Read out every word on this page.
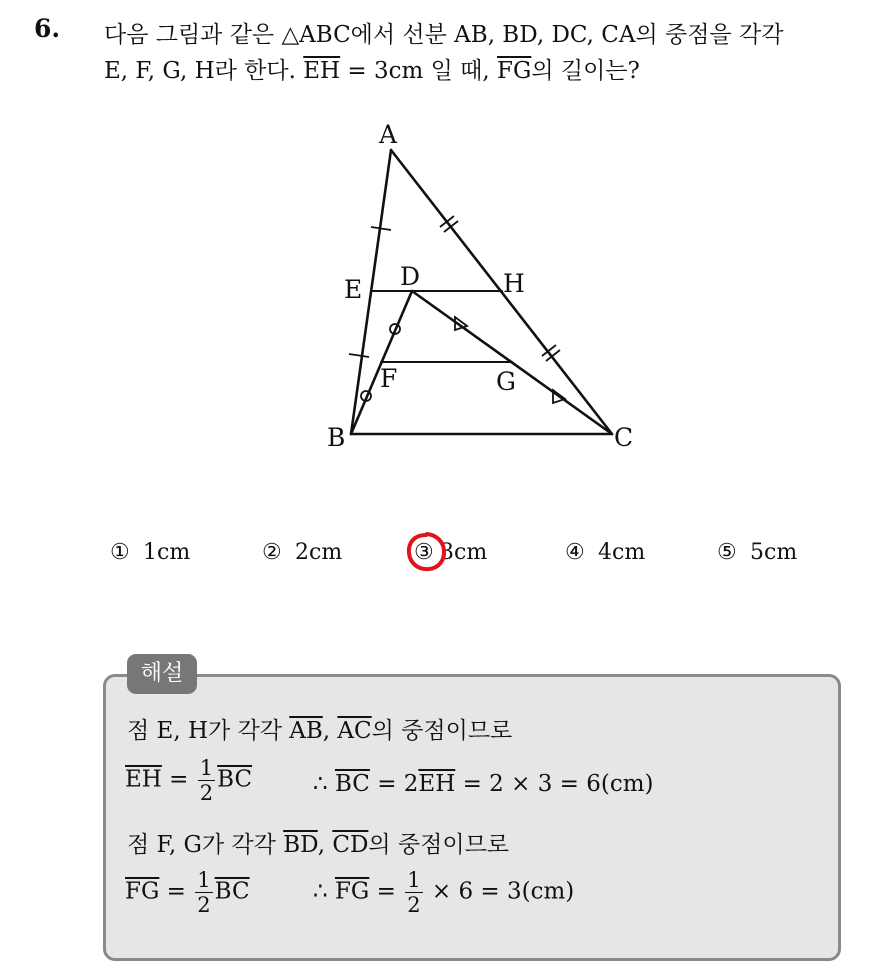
6. 다음 그림과 같은 △ABC에서 선분 AB, BD, DC, CA의 중점을 각각
E, F, G, H라 한다. $\overline{EH} = 3cm$ 일 때, $\overline{FG}$의 길이는?
A
B	C
D
E
F	G
H
① 1cm	② 2cm	③ 3cm	④ 4cm	⑤ 5cm
해설
점 E, H가 각각 $\overline{AB}$, $\overline{AC}$의 중점이므로
$\overline{EH} = \frac{1}{2} \overline{BC}$	∴ $\overline{BC} = 2\overline{EH} = 2 \times 3 = 6(cm)$
점 F, G가 각각 $\overline{BD}$, $\overline{CD}$의 중점이므로
$\overline{FG} = \frac{1}{2} \overline{BC}$	∴ $\overline{FG} = \frac{1}{2} \times 6 = 3(cm)$
